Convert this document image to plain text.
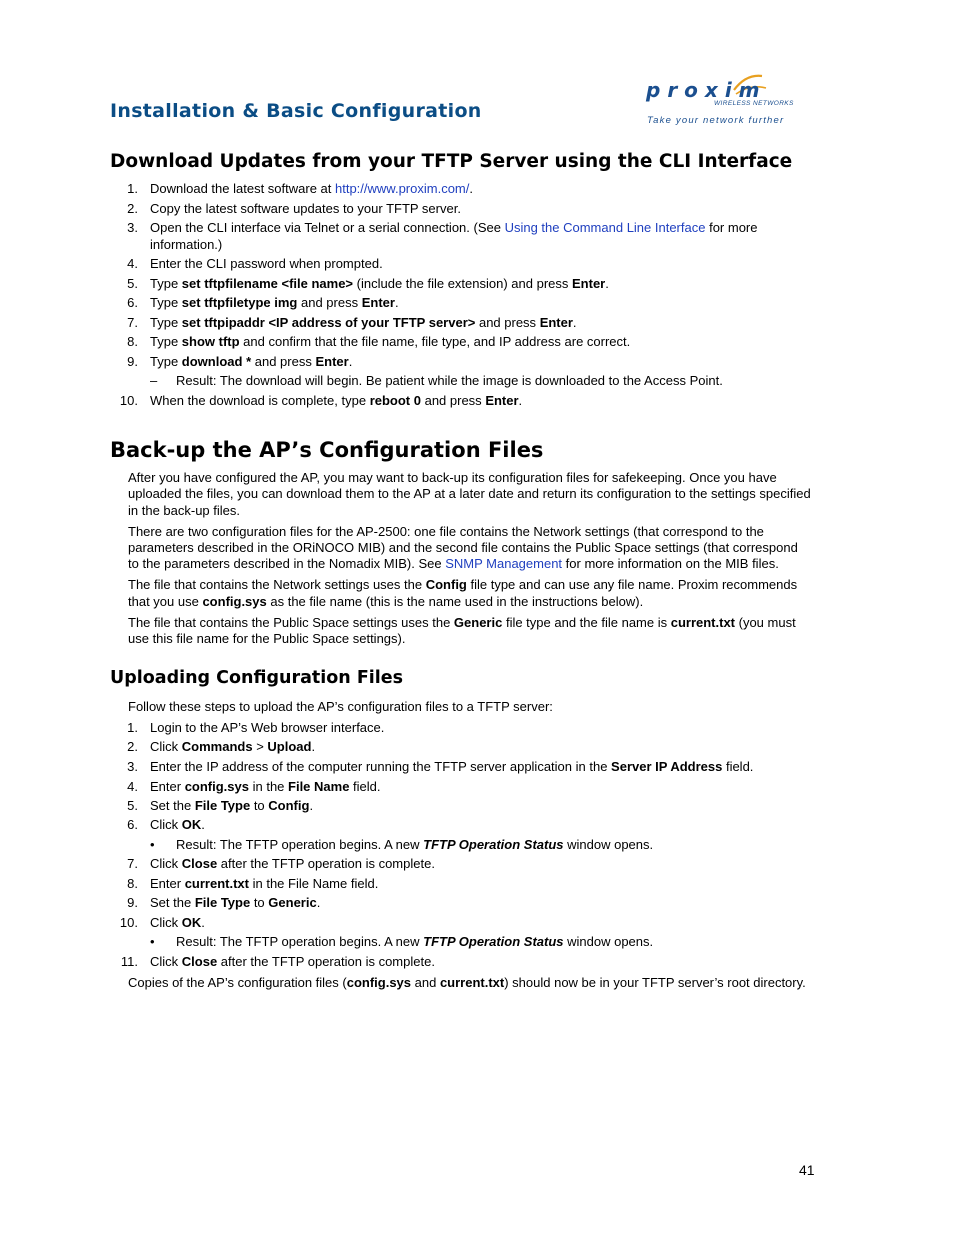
Installation & Basic Configuration
proxim
WIRELESS NETWORKS
Take your network further
Download Updates from your TFTP Server using the CLI Interface
1. Download the latest software at http://www.proxim.com/.
2. Copy the latest software updates to your TFTP server.
3. Open the CLI interface via Telnet or a serial connection. (See Using the Command Line Interface for more
information.)
4. Enter the CLI password when prompted.
5. Type set tftpfilename <file name> (include the file extension) and press Enter.
6. Type set tftpfiletype img and press Enter.
7. Type set tftpipaddr <IP address of your TFTP server> and press Enter.
8. Type show tftp and confirm that the file name, file type, and IP address are correct.
9. Type download * and press Enter.
– Result: The download will begin. Be patient while the image is downloaded to the Access Point.
10. When the download is complete, type reboot 0 and press Enter.
Back-up the AP’s Configuration Files
After you have configured the AP, you may want to back-up its configuration files for safekeeping. Once you have
uploaded the files, you can download them to the AP at a later date and return its configuration to the settings specified
in the back-up files.
There are two configuration files for the AP-2500: one file contains the Network settings (that correspond to the
parameters described in the ORiNOCO MIB) and the second file contains the Public Space settings (that correspond
to the parameters described in the Nomadix MIB). See SNMP Management for more information on the MIB files.
The file that contains the Network settings uses the Config file type and can use any file name. Proxim recommends
that you use config.sys as the file name (this is the name used in the instructions below).
The file that contains the Public Space settings uses the Generic file type and the file name is current.txt (you must
use this file name for the Public Space settings).
Uploading Configuration Files
Follow these steps to upload the AP’s configuration files to a TFTP server:
1. Login to the AP’s Web browser interface.
2. Click Commands > Upload.
3. Enter the IP address of the computer running the TFTP server application in the Server IP Address field.
4. Enter config.sys in the File Name field.
5. Set the File Type to Config.
6. Click OK.
• Result: The TFTP operation begins. A new TFTP Operation Status window opens.
7. Click Close after the TFTP operation is complete.
8. Enter current.txt in the File Name field.
9. Set the File Type to Generic.
10. Click OK.
• Result: The TFTP operation begins. A new TFTP Operation Status window opens.
11. Click Close after the TFTP operation is complete.
Copies of the AP’s configuration files (config.sys and current.txt) should now be in your TFTP server’s root directory.
41
